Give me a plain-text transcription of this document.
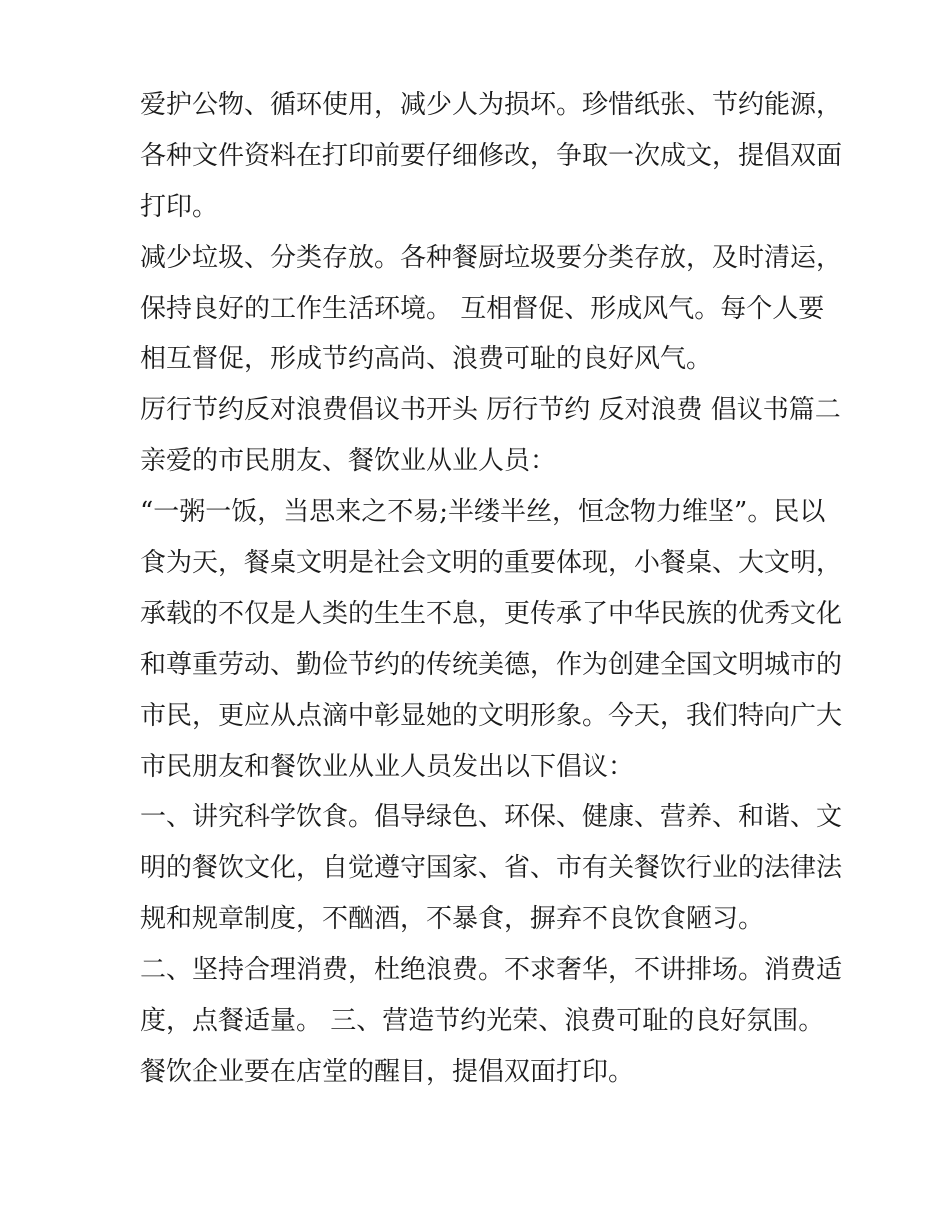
爱护公物、循环使用，减少人为损坏。珍惜纸张、节约能源，
各种文件资料在打印前要仔细修改，争取一次成文，提倡双面
打印。
减少垃圾、分类存放。各种餐厨垃圾要分类存放，及时清运，
保持良好的工作生活环境。 互相督促、形成风气。每个人要
相互督促，形成节约高尚、浪费可耻的良好风气。
厉行节约反对浪费倡议书开头 厉行节约 反对浪费 倡议书篇二
亲爱的市民朋友、餐饮业从业人员：
“一粥一饭，当思来之不易;半缕半丝，恒念物力维坚”。民以
食为天，餐桌文明是社会文明的重要体现，小餐桌、大文明，
承载的不仅是人类的生生不息，更传承了中华民族的优秀文化
和尊重劳动、勤俭节约的传统美德，作为创建全国文明城市的
市民，更应从点滴中彰显她的文明形象。今天，我们特向广大
市民朋友和餐饮业从业人员发出以下倡议：
一、讲究科学饮食。倡导绿色、环保、健康、营养、和谐、文
明的餐饮文化，自觉遵守国家、省、市有关餐饮行业的法律法
规和规章制度，不酗酒，不暴食，摒弃不良饮食陋习。
二、坚持合理消费，杜绝浪费。不求奢华，不讲排场。消费适
度，点餐适量。 三、营造节约光荣、浪费可耻的良好氛围。
餐饮企业要在店堂的醒目，提倡双面打印。
